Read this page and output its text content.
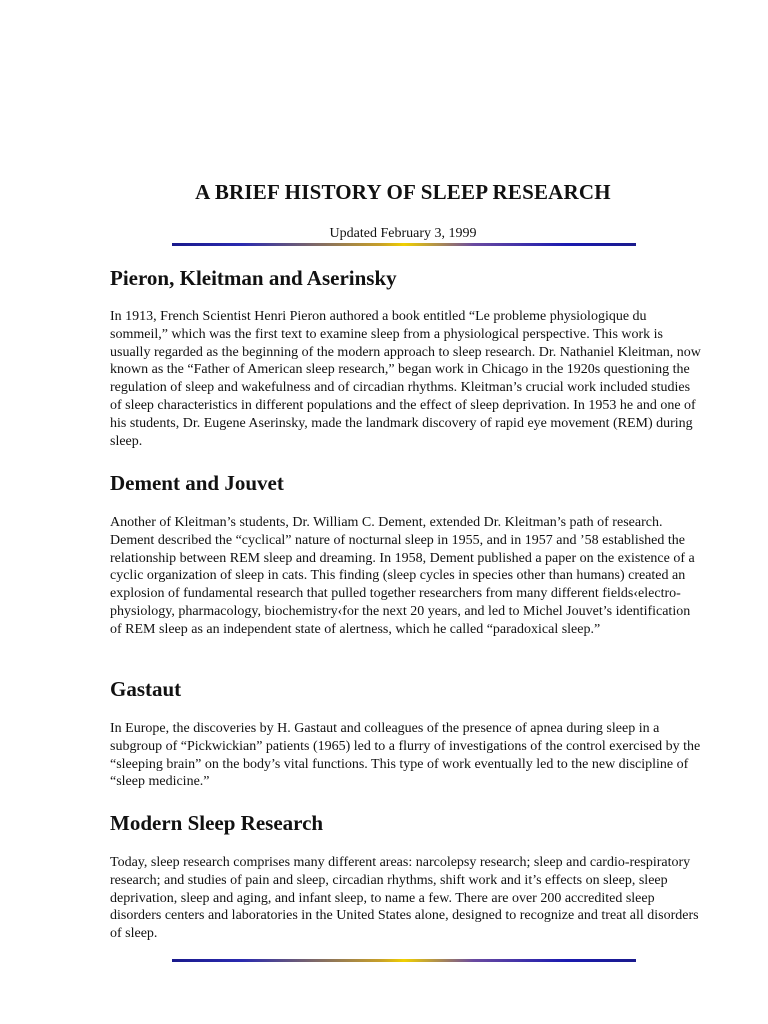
A BRIEF HISTORY OF SLEEP RESEARCH

Updated February 3, 1999

Pieron, Kleitman and Aserinsky

In 1913, French Scientist Henri Pieron authored a book entitled “Le probleme physiologique du sommeil,” which was the first text to examine sleep from a physiological perspective. This work is usually regarded as the beginning of the modern approach to sleep research. Dr. Nathaniel Kleitman, now known as the “Father of American sleep research,” began work in Chicago in the 1920s questioning the regulation of sleep and wakefulness and of circadian rhythms. Kleitman’s crucial work included studies of sleep characteristics in different populations and the effect of sleep deprivation. In 1953 he and one of his students, Dr. Eugene Aserinsky, made the landmark discovery of rapid eye movement (REM) during sleep.

Dement and Jouvet

Another of Kleitman’s students, Dr. William C. Dement, extended Dr. Kleitman’s path of research. Dement described the “cyclical” nature of nocturnal sleep in 1955, and in 1957 and ’58 established the relationship between REM sleep and dreaming. In 1958, Dement published a paper on the existence of a cyclic organization of sleep in cats. This finding (sleep cycles in species other than humans) created an explosion of fundamental research that pulled together researchers from many different fields‹electro-physiology, pharmacology, biochemistry‹for the next 20 years, and led to Michel Jouvet’s identification of REM sleep as an independent state of alertness, which he called “paradoxical sleep.”

Gastaut

In Europe, the discoveries by H. Gastaut and colleagues of the presence of apnea during sleep in a subgroup of “Pickwickian” patients (1965) led to a flurry of investigations of the control exercised by the “sleeping brain” on the body’s vital functions. This type of work eventually led to the new discipline of “sleep medicine.”

Modern Sleep Research

Today, sleep research comprises many different areas: narcolepsy research; sleep and cardio-respiratory research; and studies of pain and sleep, circadian rhythms, shift work and it’s effects on sleep, sleep deprivation, sleep and aging, and infant sleep, to name a few. There are over 200 accredited sleep disorders centers and laboratories in the United States alone, designed to recognize and treat all disorders of sleep.
